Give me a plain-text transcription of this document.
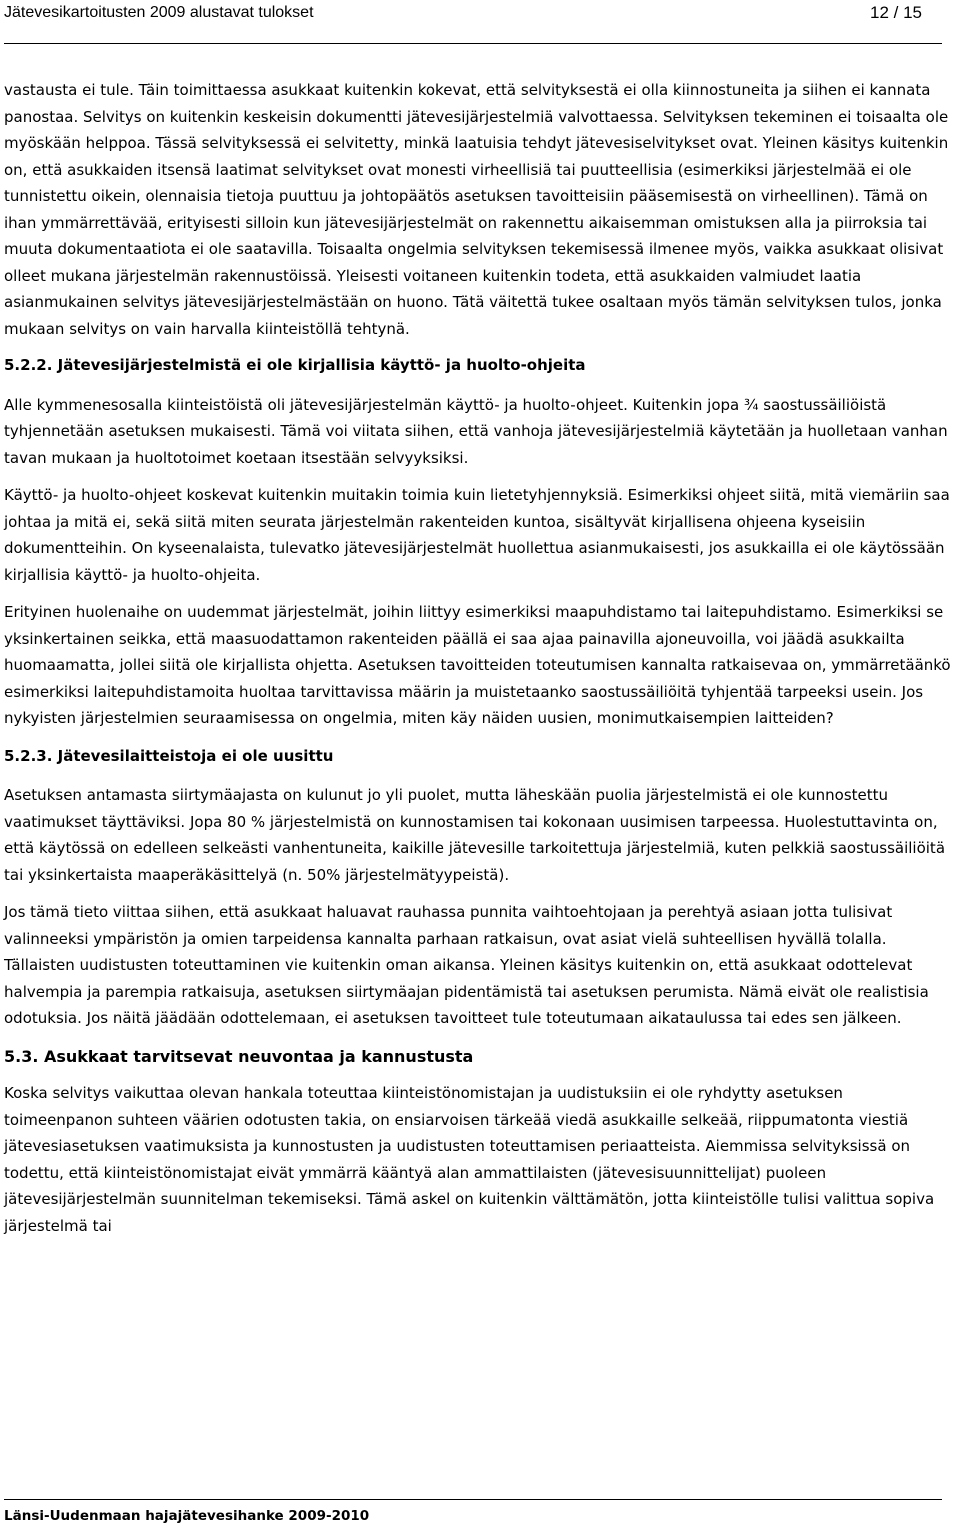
Jätevesikartoitusten 2009 alustavat tulokset	12 / 15

vastausta ei tule. Täin toimittaessa asukkaat kuitenkin kokevat, että selvityksestä ei olla kiinnostuneita ja siihen ei kannata panostaa. Selvitys on kuitenkin keskeisin dokumentti jätevesijärjestelmiä valvottaessa. Selvityksen tekeminen ei toisaalta ole myöskään helppoa. Tässä selvityksessä ei selvitetty, minkä laatuisia tehdyt jätevesiselvitykset ovat. Yleinen käsitys kuitenkin on, että asukkaiden itsensä laatimat selvitykset ovat monesti virheellisiä tai puutteellisia (esimerkiksi järjestelmää ei ole tunnistettu oikein, olennaisia tietoja puuttuu ja johtopäätös asetuksen tavoitteisiin pääsemisestä on virheellinen). Tämä on ihan ymmärrettävää, erityisesti silloin kun jätevesijärjestelmät on rakennettu aikaisemman omistuksen alla ja piirroksia tai muuta dokumentaatiota ei ole saatavilla. Toisaalta ongelmia selvityksen tekemisessä ilmenee myös, vaikka asukkaat olisivat olleet mukana järjestelmän rakennustöissä. Yleisesti voitaneen kuitenkin todeta, että asukkaiden valmiudet laatia asianmukainen selvitys jätevesijärjestelmästään on huono. Tätä väitettä tukee osaltaan myös tämän selvityksen tulos, jonka mukaan selvitys on vain harvalla kiinteistöllä tehtynä.

5.2.2. Jätevesijärjestelmistä ei ole kirjallisia käyttö- ja huolto-ohjeita

Alle kymmenesosalla kiinteistöistä oli jätevesijärjestelmän käyttö- ja huolto-ohjeet. Kuitenkin jopa ¾ saostussäiliöistä tyhjennetään asetuksen mukaisesti. Tämä voi viitata siihen, että vanhoja jätevesijärjestelmiä käytetään ja huolletaan vanhan tavan mukaan ja huoltotoimet koetaan itsestään selvyyksiksi.

Käyttö- ja huolto-ohjeet koskevat kuitenkin muitakin toimia kuin lietetyhjennyksiä. Esimerkiksi ohjeet siitä, mitä viemäriin saa johtaa ja mitä ei, sekä siitä miten seurata järjestelmän rakenteiden kuntoa, sisältyvät kirjallisena ohjeena kyseisiin dokumentteihin. On kyseenalaista, tulevatko jätevesijärjestelmät huollettua asianmukaisesti, jos asukkailla ei ole käytössään kirjallisia käyttö- ja huolto-ohjeita.

Erityinen huolenaihe on uudemmat järjestelmät, joihin liittyy esimerkiksi maapuhdistamo tai laitepuhdistamo. Esimerkiksi se yksinkertainen seikka, että maasuodattamon rakenteiden päällä ei saa ajaa painavilla ajoneuvoilla, voi jäädä asukkailta huomaamatta, jollei siitä ole kirjallista ohjetta. Asetuksen tavoitteiden toteutumisen kannalta ratkaisevaa on, ymmärretäänkö esimerkiksi laitepuhdistamoita huoltaa tarvittavissa määrin ja muistetaanko saostussäiliöitä tyhjentää tarpeeksi usein. Jos nykyisten järjestelmien seuraamisessa on ongelmia, miten käy näiden uusien, monimutkaisempien laitteiden?

5.2.3. Jätevesilaitteistoja ei ole uusittu

Asetuksen antamasta siirtymäajasta on kulunut jo yli puolet, mutta läheskään puolia järjestelmistä ei ole kunnostettu vaatimukset täyttäviksi. Jopa 80 % järjestelmistä on kunnostamisen tai kokonaan uusimisen tarpeessa. Huolestuttavinta on, että käytössä on edelleen selkeästi vanhentuneita, kaikille jätevesille tarkoitettuja järjestelmiä, kuten pelkkiä saostussäiliöitä tai yksinkertaista maaperäkäsittelyä (n. 50% järjestelmätyypeistä).

Jos tämä tieto viittaa siihen, että asukkaat haluavat rauhassa punnita vaihtoehtojaan ja perehtyä asiaan jotta tulisivat valinneeksi ympäristön ja omien tarpeidensa kannalta parhaan ratkaisun, ovat asiat vielä suhteellisen hyvällä tolalla. Tällaisten uudistusten toteuttaminen vie kuitenkin oman aikansa. Yleinen käsitys kuitenkin on, että asukkaat odottelevat halvempia ja parempia ratkaisuja, asetuksen siirtymäajan pidentämistä tai asetuksen perumista. Nämä eivät ole realistisia odotuksia. Jos näitä jäädään odottelemaan, ei asetuksen tavoitteet tule toteutumaan aikataulussa tai edes sen jälkeen.

5.3. Asukkaat tarvitsevat neuvontaa ja kannustusta

Koska selvitys vaikuttaa olevan hankala toteuttaa kiinteistönomistajan ja uudistuksiin ei ole ryhdytty asetuksen toimeenpanon suhteen väärien odotusten takia, on ensiarvoisen tärkeää viedä asukkaille selkeää, riippumatonta viestiä jätevesiasetuksen vaatimuksista ja kunnostusten ja uudistusten toteuttamisen periaatteista. Aiemmissa selvityksissä on todettu, että kiinteistönomistajat eivät ymmärrä kääntyä alan ammattilaisten (jätevesisuunnittelijat) puoleen jätevesijärjestelmän suunnitelman tekemiseksi. Tämä askel on kuitenkin välttämätön, jotta kiinteistölle tulisi valittua sopiva järjestelmä tai

Länsi-Uudenmaan hajajätevesihanke 2009-2010
